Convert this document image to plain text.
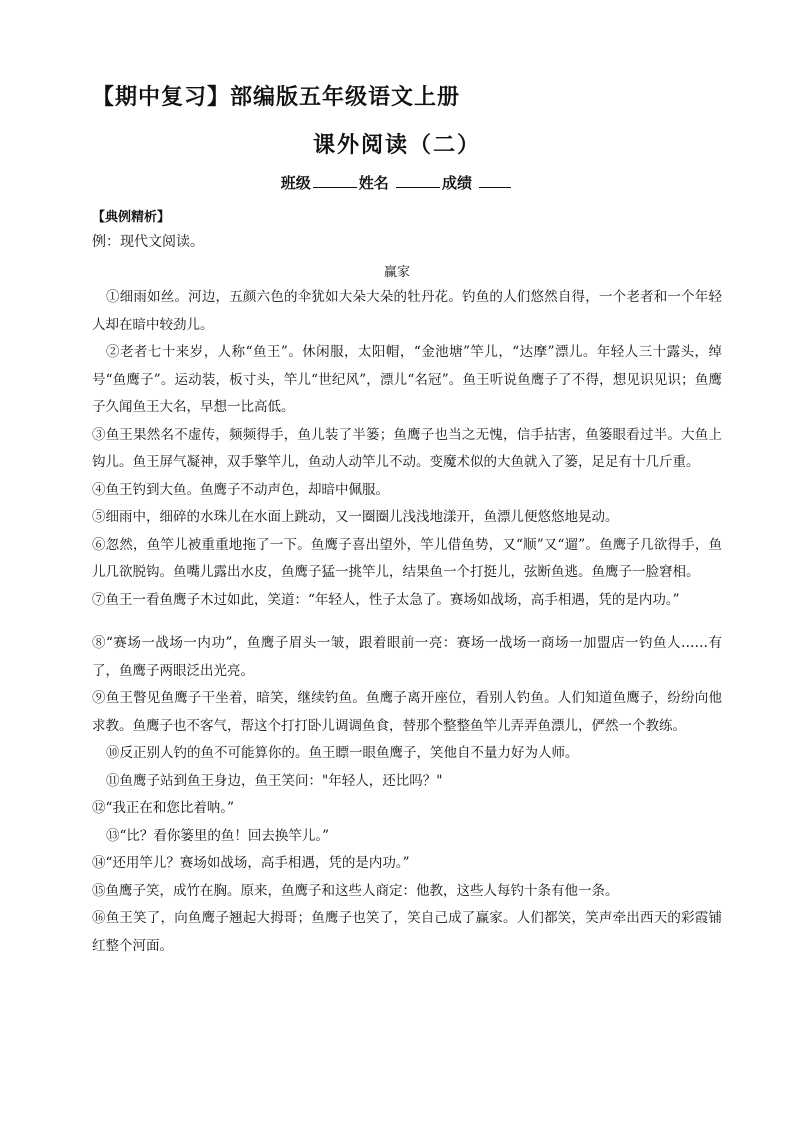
【期中复习】部编版五年级语文上册
课外阅读（二）
班级	姓名	成绩
【典例精析】
例：现代文阅读。
赢家

①细雨如丝。河边，五颜六色的伞犹如大朵大朵的牡丹花。钓鱼的人们悠然自得，一个老者和一个年轻人却在暗中较劲儿。

②老者七十来岁，人称“鱼王”。休闲服，太阳帽，“金池塘”竿儿，“达摩”漂儿。年轻人三十露头，绰号“鱼鹰子”。运动装，板寸头，竿儿“世纪风”，漂儿“名冠”。鱼王听说鱼鹰子了不得，想见识见识；鱼鹰子久闻鱼王大名，早想一比高低。

③鱼王果然名不虚传，频频得手，鱼儿装了半篓；鱼鹰子也当之无愧，信手拈害，鱼篓眼看过半。大鱼上钩儿。鱼王屏气凝神，双手擎竿儿，鱼动人动竿儿不动。变魔术似的大鱼就入了篓，足足有十几斤重。

④鱼王钓到大鱼。鱼鹰子不动声色，却暗中佩服。

⑤细雨中，细碎的水珠儿在水面上跳动，又一圈圈儿浅浅地漾开，鱼漂儿便悠悠地晃动。

⑥忽然，鱼竿儿被重重地拖了一下。鱼鹰子喜出望外，竿儿借鱼势，又“顺”又“遛”。鱼鹰子几欲得手，鱼儿几欲脱钩。鱼嘴儿露出水皮，鱼鹰子猛一挑竿儿，结果鱼一个打挺儿，弦断鱼逃。鱼鹰子一脸窘相。

⑦鱼王一看鱼鹰子木过如此，笑道：“年轻人，性子太急了。赛场如战场，高手相遇，凭的是内功。”

⑧“赛场一战场一内功”，鱼鹰子眉头一皱，跟着眼前一亮：赛场一战场一商场一加盟店一钓鱼人……有了，鱼鹰子两眼泛出光亮。

⑨鱼王瞥见鱼鹰子干坐着，暗笑，继续钓鱼。鱼鹰子离开座位，看别人钓鱼。人们知道鱼鹰子，纷纷向他求教。鱼鹰子也不客气，帮这个打打卧儿调调鱼食，替那个整整鱼竿儿弄弄鱼漂儿，俨然一个教练。

⑩反正别人钓的鱼不可能算你的。鱼王瞟一眼鱼鹰子，笑他自不量力好为人师。

⑪鱼鹰子站到鱼王身边，鱼王笑问："年轻人，还比吗？"

⑫“我正在和您比着呐。”

⑬“比？看你篓里的鱼！回去换竿儿。”

⑭“还用竿儿？赛场如战场，高手相遇，凭的是内功。”

⑮鱼鹰子笑，成竹在胸。原来，鱼鹰子和这些人商定：他教，这些人每钓十条有他一条。

⑯鱼王笑了，向鱼鹰子翘起大拇哥；鱼鹰子也笑了，笑自己成了赢家。人们都笑，笑声牵出西天的彩霞铺红整个河面。
